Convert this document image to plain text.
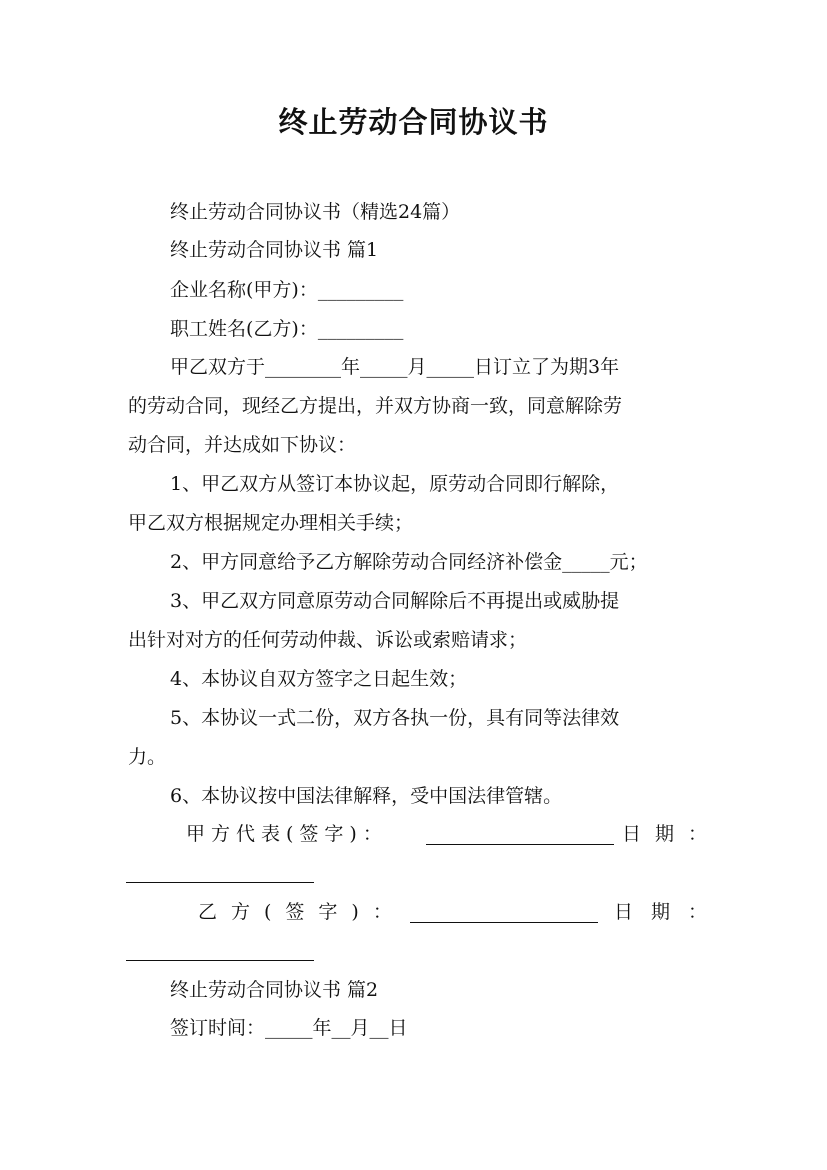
终止劳动合同协议书
终止劳动合同协议书（精选24篇）
终止劳动合同协议书 篇1
企业名称(甲方)：_________
职工姓名(乙方)：_________
甲乙双方于________年_____月_____日订立了为期3年
的劳动合同，现经乙方提出，并双方协商一致，同意解除劳
动合同，并达成如下协议：
1、甲乙双方从签订本协议起，原劳动合同即行解除，
甲乙双方根据规定办理相关手续；
2、甲方同意给予乙方解除劳动合同经济补偿金_____元；
3、甲乙双方同意原劳动合同解除后不再提出或威胁提
出针对对方的任何劳动仲裁、诉讼或索赔请求；
4、本协议自双方签字之日起生效；
5、本协议一式二份，双方各执一份，具有同等法律效
力。
6、本协议按中国法律解释，受中国法律管辖。
甲方代表(签字)：	日期：
乙方(签字)：	日期：
终止劳动合同协议书 篇2
签订时间：_____年__月__日
